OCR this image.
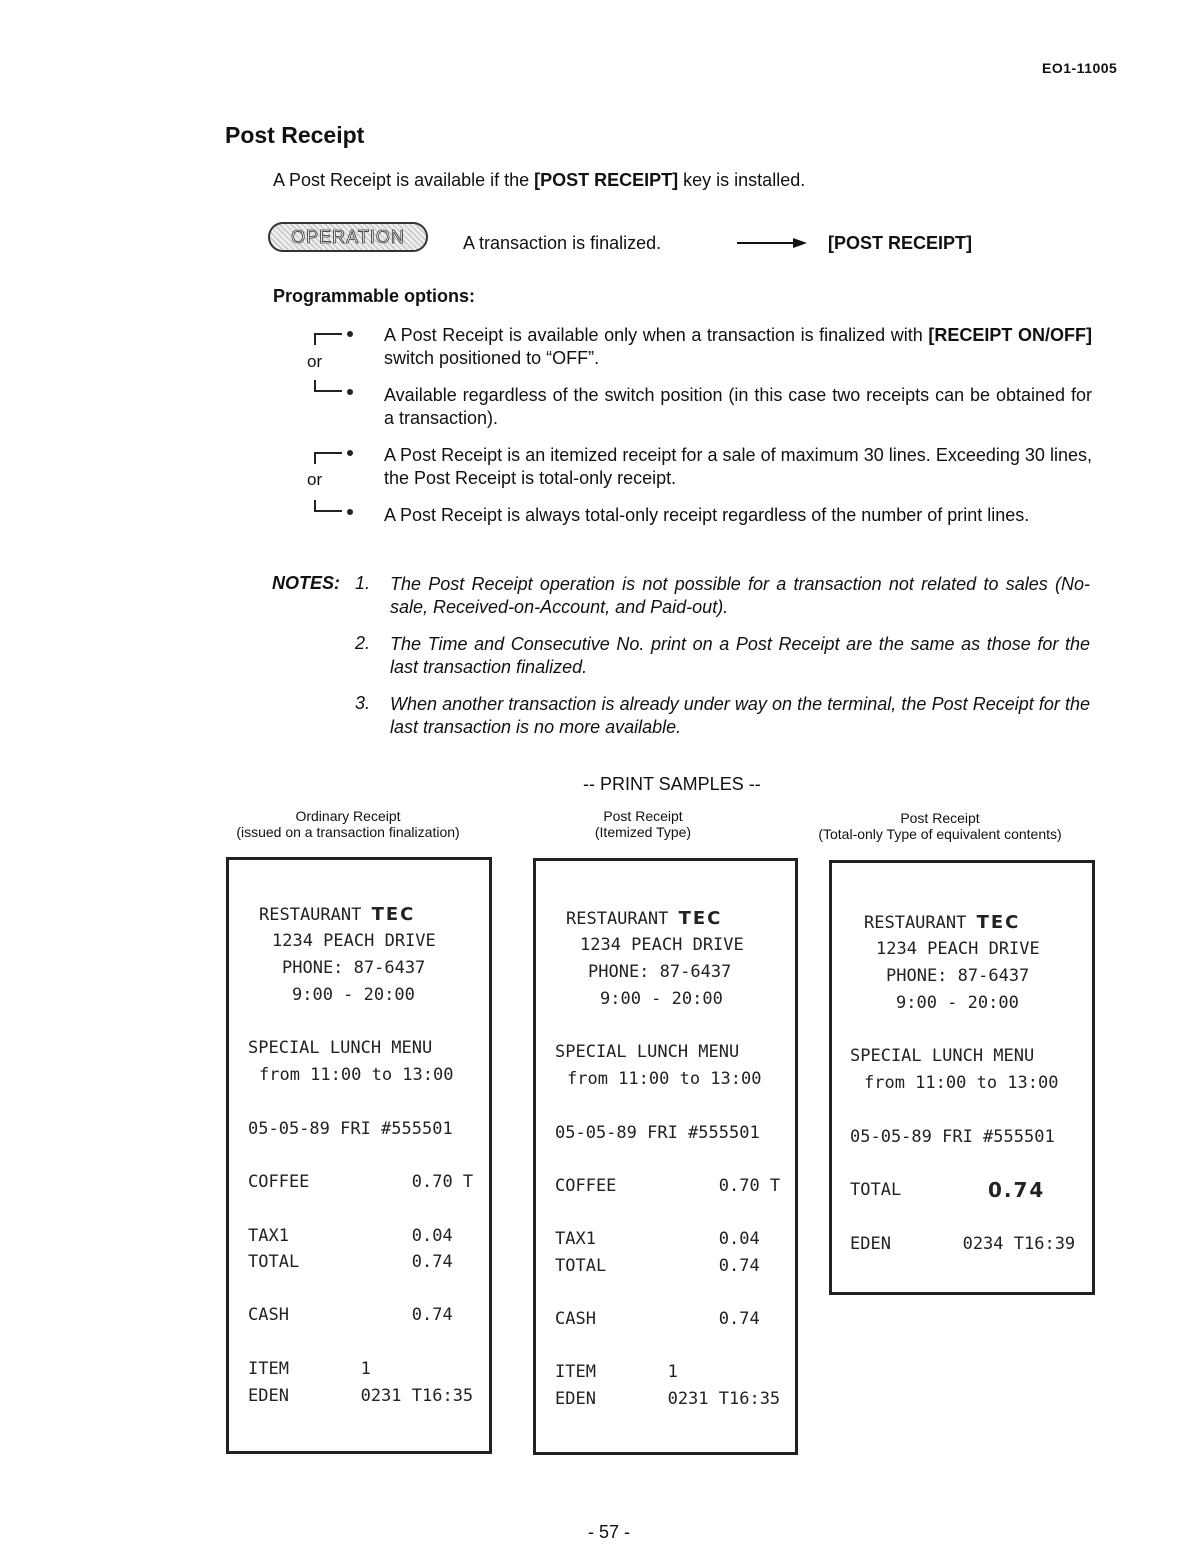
EO1-11005
Post Receipt
A Post Receipt is available if the [POST RECEIPT] key is installed.
OPERATION	A transaction is finalized.	[POST RECEIPT]
Programmable options:
or
A Post Receipt is available only when a transaction is finalized with [RECEIPT ON/OFF] switch positioned to “OFF”.
Available regardless of the switch position (in this case two receipts can be obtained for a transaction).
or
A Post Receipt is an itemized receipt for a sale of maximum 30 lines. Exceeding 30 lines, the Post Receipt is total-only receipt.
A Post Receipt is always total-only receipt regardless of the number of print lines.
NOTES: 1. The Post Receipt operation is not possible for a transaction not related to sales (No-sale, Received-on-Account, and Paid-out).
2. The Time and Consecutive No. print on a Post Receipt are the same as those for the last transaction finalized.
3. When another transaction is already under way on the terminal, the Post Receipt for the last transaction is no more available.
-- PRINT SAMPLES --
Ordinary Receipt
(issued on a transaction finalization)
Post Receipt
(Itemized Type)
Post Receipt
(Total-only Type of equivalent contents)
RESTAURANT TEC
1234 PEACH DRIVE
PHONE: 87-6437
9:00 - 20:00
SPECIAL LUNCH MENU
from 11:00 to 13:00
05-05-89 FRI #555501
COFFEE          0.70 T
TAX1            0.04
TOTAL           0.74
CASH            0.74
ITEM       1
EDEN       0231 T16:35
RESTAURANT TEC
1234 PEACH DRIVE
PHONE: 87-6437
9:00 - 20:00
SPECIAL LUNCH MENU
from 11:00 to 13:00
05-05-89 FRI #555501
COFFEE          0.70 T
TAX1            0.04
TOTAL           0.74
CASH            0.74
ITEM       1
EDEN       0231 T16:35
RESTAURANT TEC
1234 PEACH DRIVE
PHONE: 87-6437
9:00 - 20:00
SPECIAL LUNCH MENU
from 11:00 to 13:00
05-05-89 FRI #555501
TOTAL	0.74
EDEN       0234 T16:39
- 57 -
